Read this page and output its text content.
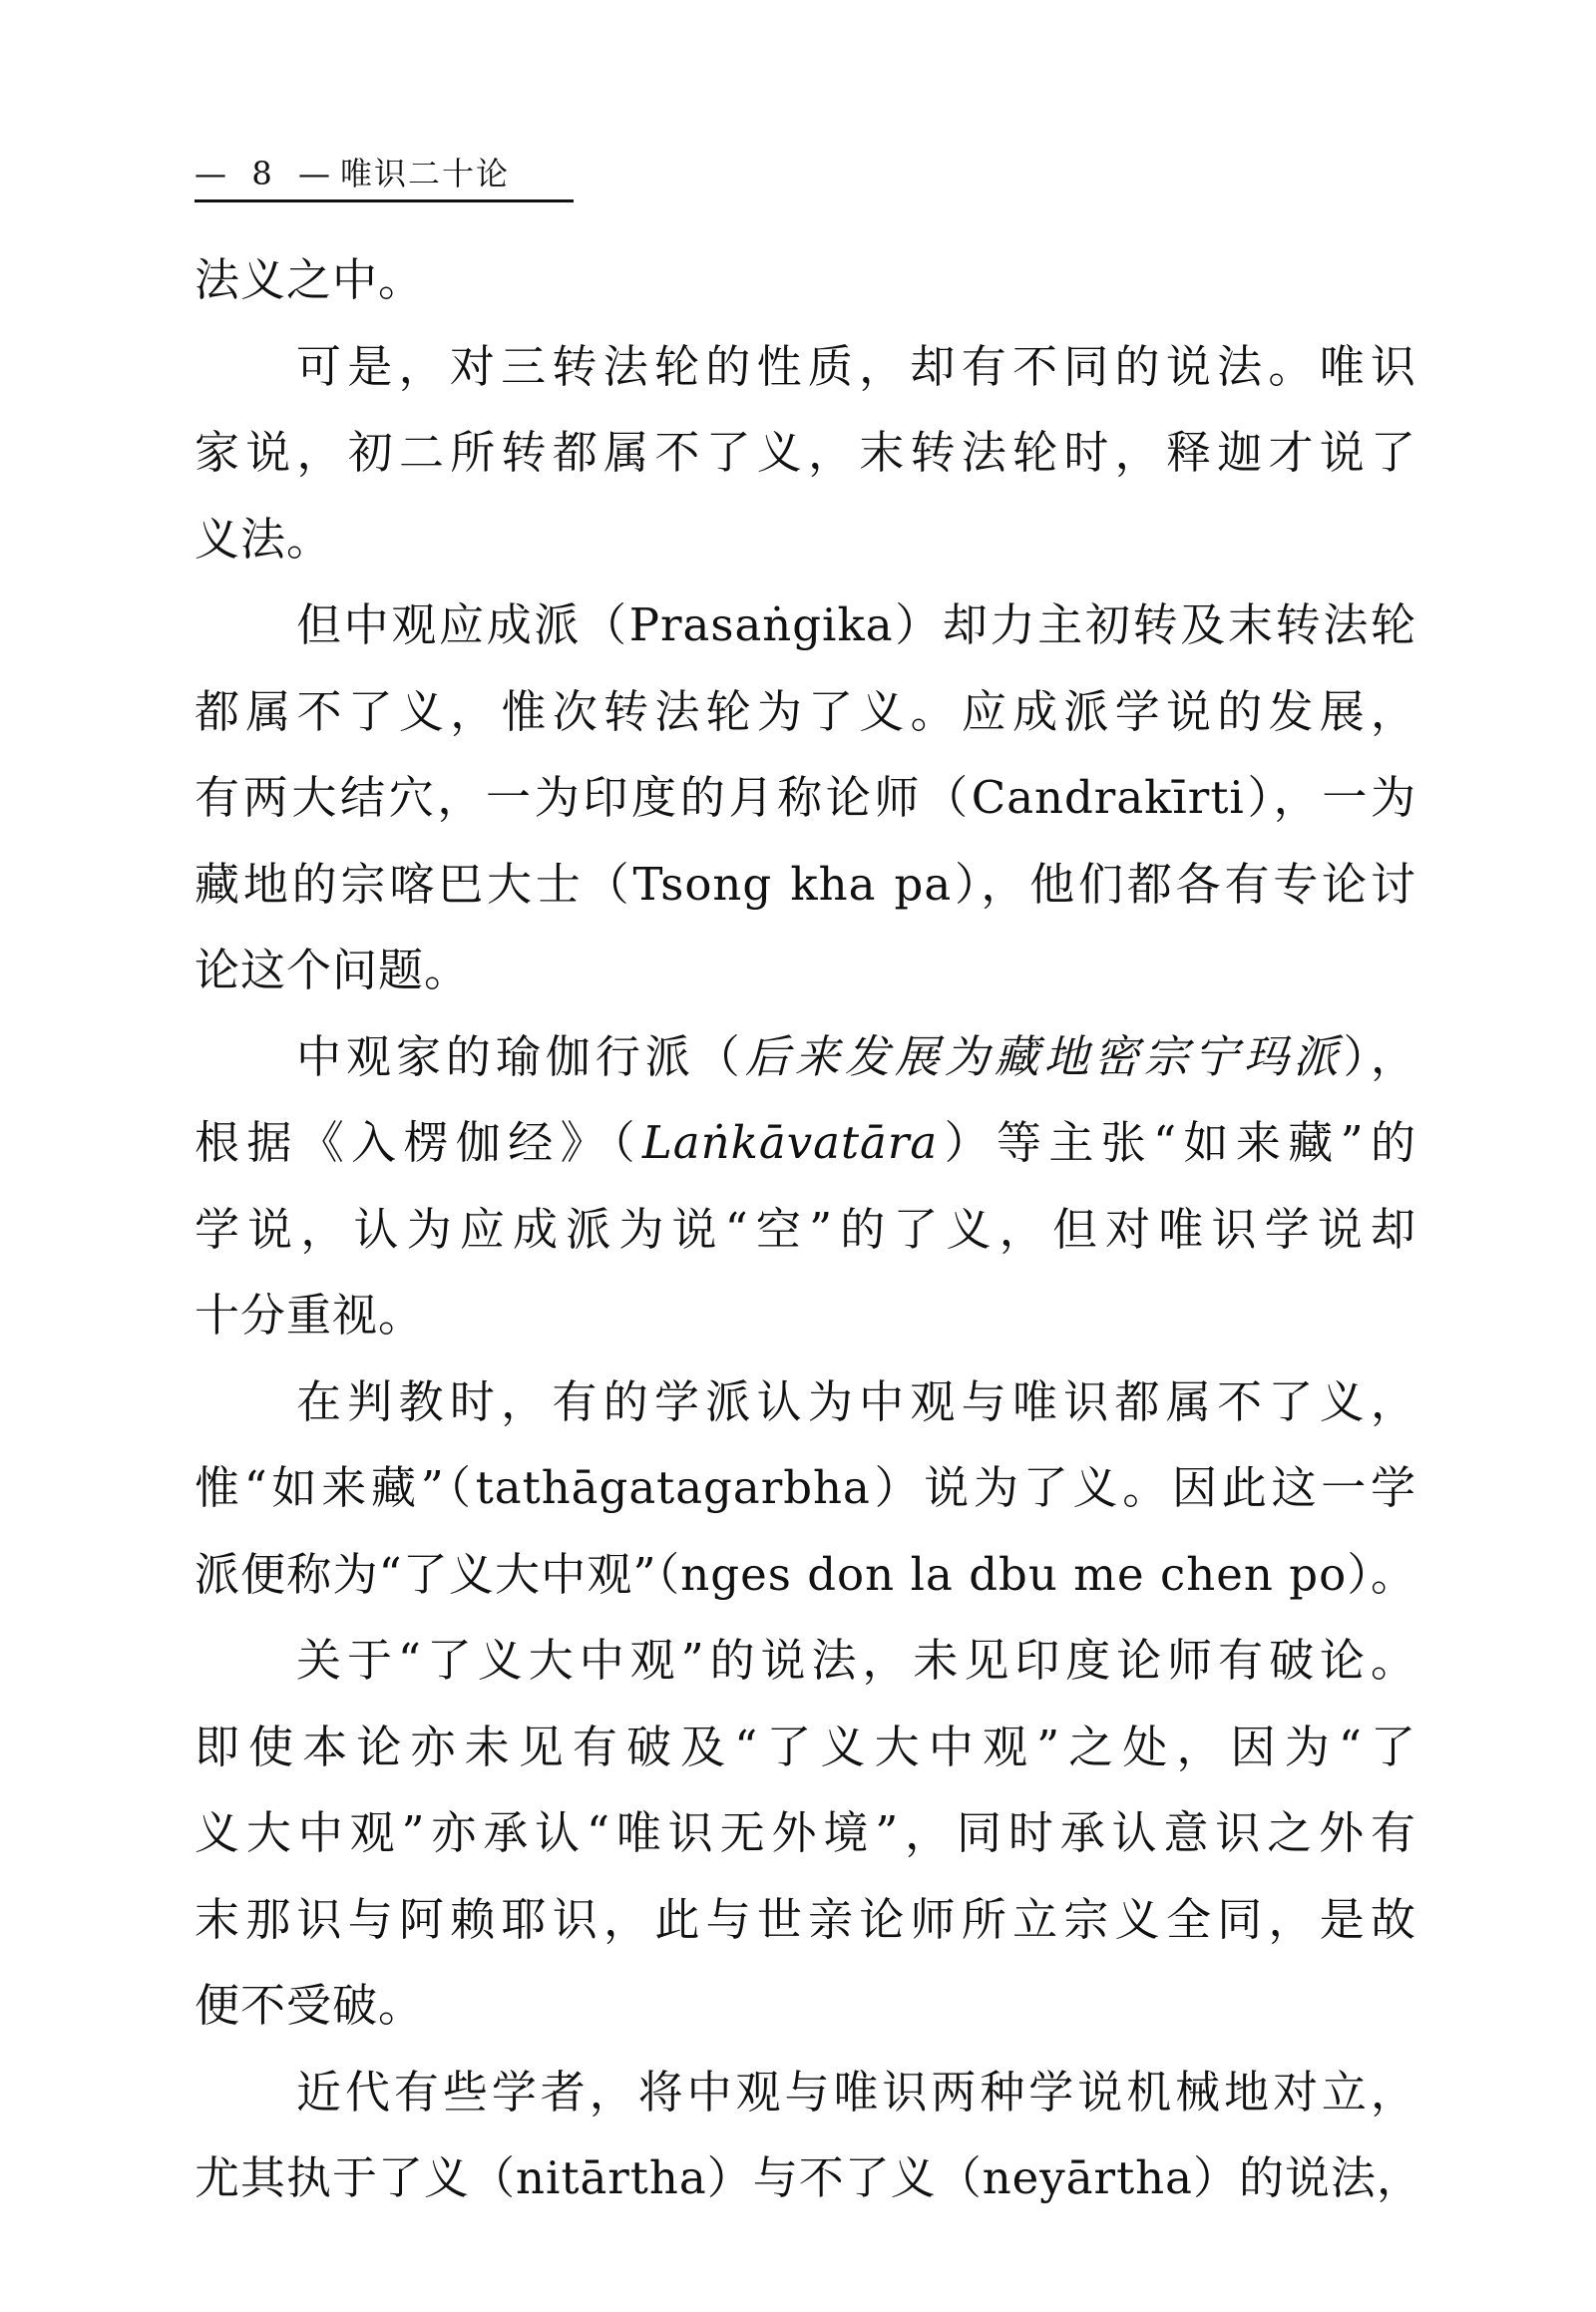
— 8 — 唯识二十论
法义之中。
可是，对三转法轮的性质，却有不同的说法。唯识
家说，初二所转都属不了义，末转法轮时，释迦才说了
义法。
但中观应成派（Prasaṅgika）却力主初转及末转法轮
都属不了义，惟次转法轮为了义。应成派学说的发展，
有两大结穴，一为印度的月称论师（Candrakīrti），一为
藏地的宗喀巴大士（Tsong kha pa），他们都各有专论讨
论这个问题。
中观家的瑜伽行派（后来发展为藏地密宗宁玛派），
根据《入楞伽经》（Laṅkāvatāra）等主张“如来藏”的
学说，认为应成派为说“空”的了义，但对唯识学说却
十分重视。
在判教时，有的学派认为中观与唯识都属不了义，
惟“如来藏”（tathāgatagarbha）说为了义。因此这一学
派便称为“了义大中观”（nges don la dbu me chen po）。
关于“了义大中观”的说法，未见印度论师有破论。
即使本论亦未见有破及“了义大中观”之处，因为“了
义大中观”亦承认“唯识无外境”，同时承认意识之外有
末那识与阿赖耶识，此与世亲论师所立宗义全同，是故
便不受破。
近代有些学者，将中观与唯识两种学说机械地对立，
尤其执于了义（nitārtha）与不了义（neyārtha）的说法，
